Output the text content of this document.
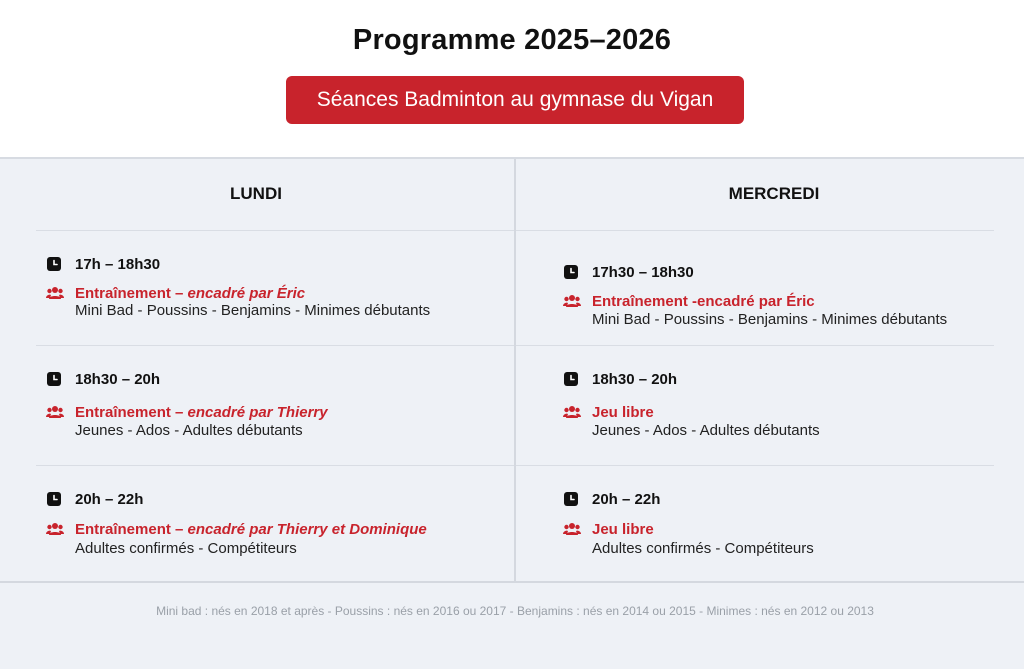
Programme 2025–2026
Séances Badminton au gymnase du Vigan
LUNDI	MERCREDI
17h – 18h30
Entraînement – encadré par Éric
Mini Bad - Poussins - Benjamins - Minimes débutants
18h30 – 20h
Entraînement – encadré par Thierry
Jeunes - Ados - Adultes débutants
20h – 22h
Entraînement – encadré par Thierry et Dominique
Adultes confirmés - Compétiteurs
17h30 – 18h30
Entraînement -encadré par Éric
Mini Bad - Poussins - Benjamins - Minimes débutants
18h30 – 20h
Jeu libre
Jeunes - Ados - Adultes débutants
20h – 22h
Jeu libre
Adultes confirmés - Compétiteurs
Mini bad : nés en 2018 et après - Poussins : nés en 2016 ou 2017 - Benjamins : nés en 2014 ou 2015 - Minimes : nés en 2012 ou 2013
